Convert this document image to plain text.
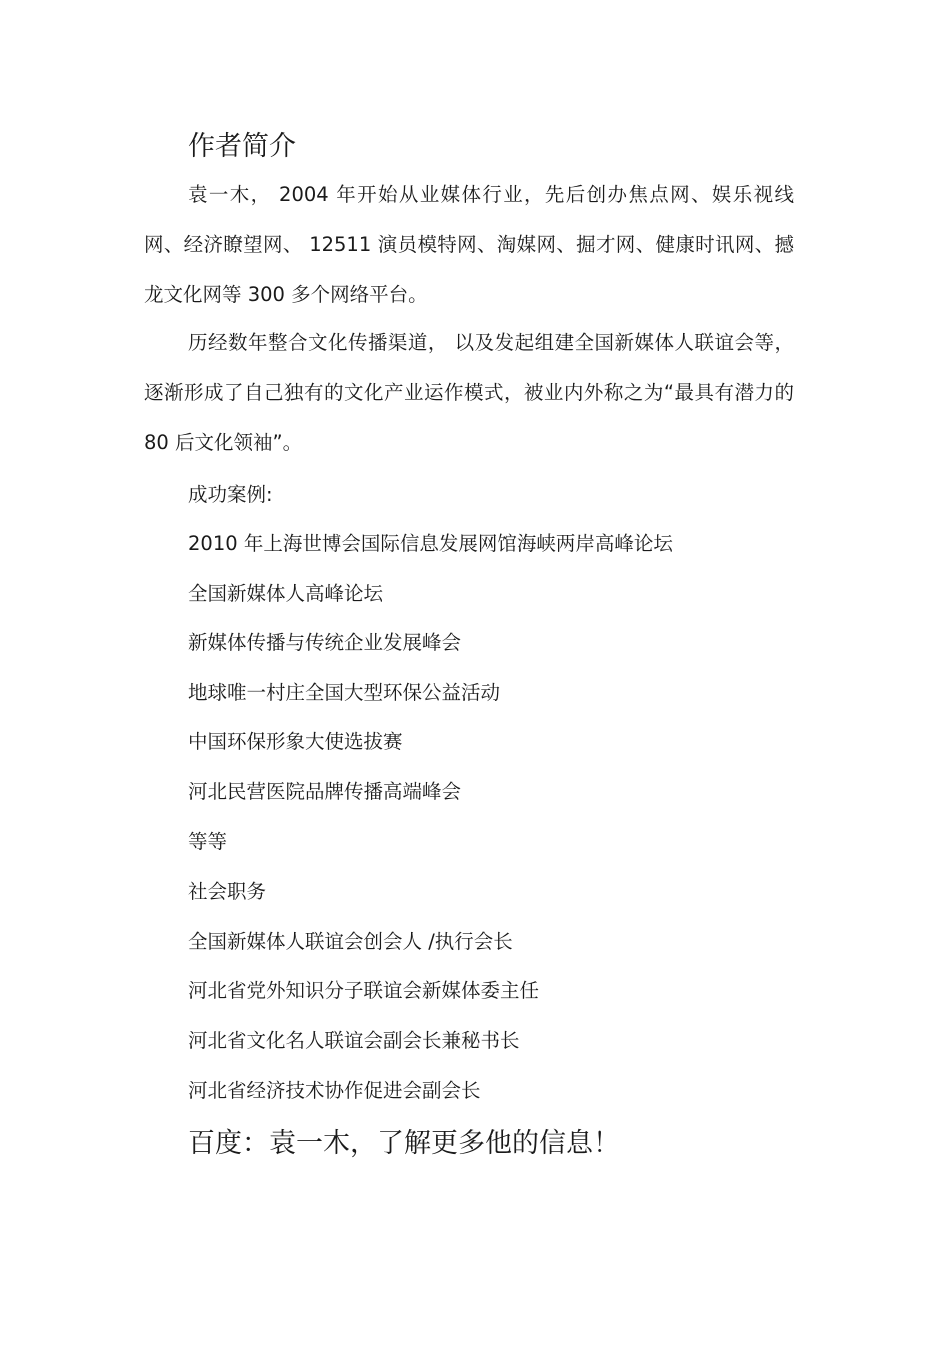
作者简介

袁一木， 2004 年开始从业媒体行业，先后创办焦点网、娱乐视线网、经济瞭望网、 12511 演员模特网、淘媒网、掘才网、健康时讯网、撼龙文化网等 300 多个网络平台。

历经数年整合文化传播渠道， 以及发起组建全国新媒体人联谊会等，逐渐形成了自己独有的文化产业运作模式，被业内外称之为“最具有潜力的 80 后文化领袖”。

成功案例:
2010 年上海世博会国际信息发展网馆海峡两岸高峰论坛
全国新媒体人高峰论坛
新媒体传播与传统企业发展峰会
地球唯一村庄全国大型环保公益活动
中国环保形象大使选拔赛
河北民营医院品牌传播高端峰会
等等
社会职务
全国新媒体人联谊会创会人 /执行会长
河北省党外知识分子联谊会新媒体委主任
河北省文化名人联谊会副会长兼秘书长
河北省经济技术协作促进会副会长
百度：袁一木，了解更多他的信息！
